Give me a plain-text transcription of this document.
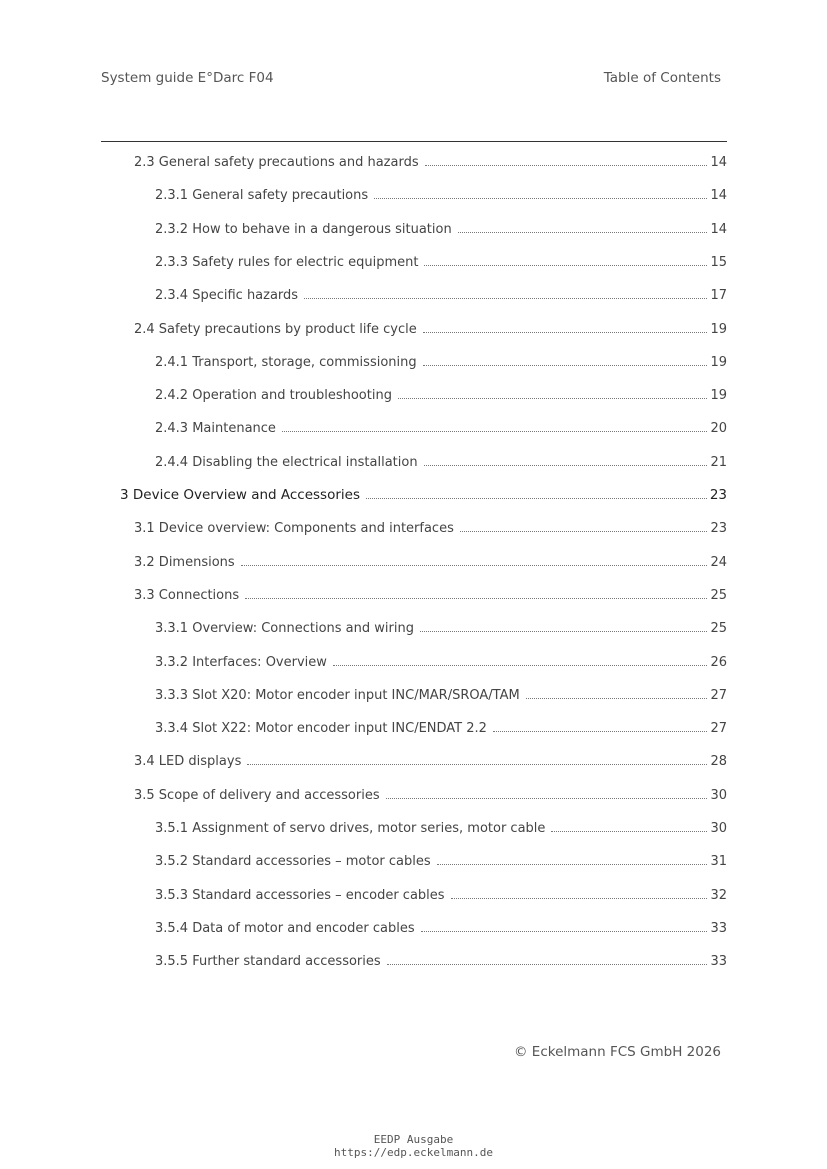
System guide E°Darc F04	Table of Contents
2.3 General safety precautions and hazards	14
2.3.1 General safety precautions	14
2.3.2 How to behave in a dangerous situation	14
2.3.3 Safety rules for electric equipment	15
2.3.4 Specific hazards	17
2.4 Safety precautions by product life cycle	19
2.4.1 Transport, storage, commissioning	19
2.4.2 Operation and troubleshooting	19
2.4.3 Maintenance	20
2.4.4 Disabling the electrical installation	21
3 Device Overview and Accessories	23
3.1 Device overview: Components and interfaces	23
3.2 Dimensions	24
3.3 Connections	25
3.3.1 Overview: Connections and wiring	25
3.3.2 Interfaces: Overview	26
3.3.3 Slot X20: Motor encoder input INC/MAR/SROA/TAM	27
3.3.4 Slot X22: Motor encoder input INC/ENDAT 2.2	27
3.4 LED displays	28
3.5 Scope of delivery and accessories	30
3.5.1 Assignment of servo drives, motor series, motor cable	30
3.5.2 Standard accessories – motor cables	31
3.5.3 Standard accessories – encoder cables	32
3.5.4 Data of motor and encoder cables	33
3.5.5 Further standard accessories	33
© Eckelmann FCS GmbH 2026
EEDP Ausgabe
https://edp.eckelmann.de
